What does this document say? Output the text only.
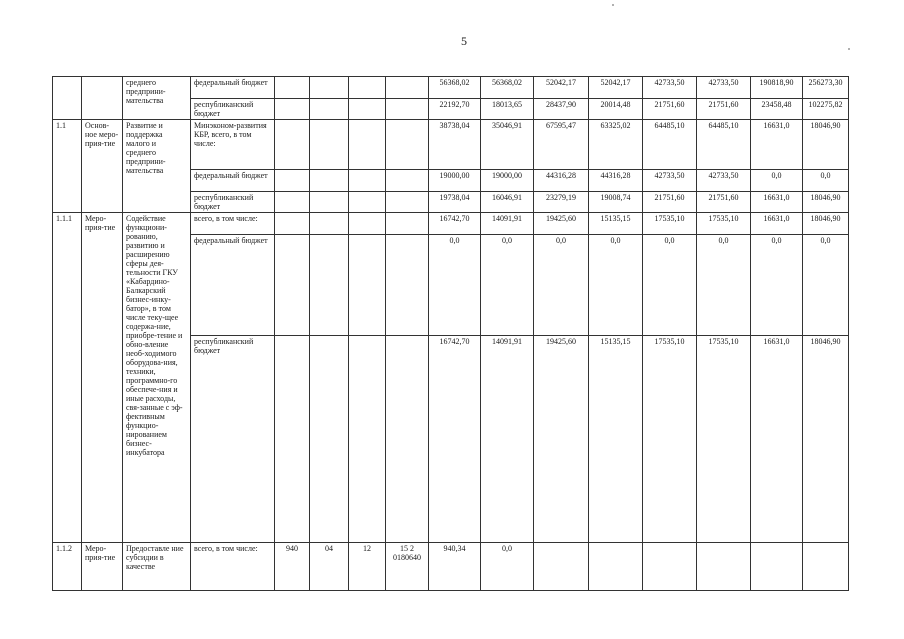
5
		среднего предприни-мательства	федеральный бюджет					56368,02	56368,02	52042,17	52042,17	42733,50	42733,50	190818,90	256273,30
			республиканский бюджет					22192,70	18013,65	28437,90	20014,48	21751,60	21751,60	23458,48	102275,82
1.1	Основ-ное меро-прия-тие	Развитие и поддержка малого и среднего предприни-мательства	Минэконом-развития КБР, всего, в том числе:					38738,04	35046,91	67595,47	63325,02	64485,10	64485,10	16631,0	18046,90
			федеральный бюджет					19000,00	19000,00	44316,28	44316,28	42733,50	42733,50	0,0	0,0
			республиканский бюджет					19738,04	16046,91	23279,19	19008,74	21751,60	21751,60	16631,0	18046,90
1.1.1	Меро-прия-тие	Содействие функциони-рованию, развитию и расширению сферы дея-тельности ГКУ «Кабардино-Балкарский бизнес-инку-батор», в том числе теку-щее содержа-ние, приобре-тение и обно-вление необ-ходимого оборудова-ния, техники, программно-го обеспече-ния и иные расходы, свя-занные с эф-фективным функцио-нированием бизнес-инкубатора	всего, в том числе:					16742,70	14091,91	19425,60	15135,15	17535,10	17535,10	16631,0	18046,90
			федеральный бюджет					0,0	0,0	0,0	0,0	0,0	0,0	0,0	0,0
			республиканский бюджет					16742,70	14091,91	19425,60	15135,15	17535,10	17535,10	16631,0	18046,90
1.1.2	Меро-прия-тие	Предоставле ние субсидии в качестве	всего, в том числе:	940	04	12	15 2 0180640	940,34	0,0						
